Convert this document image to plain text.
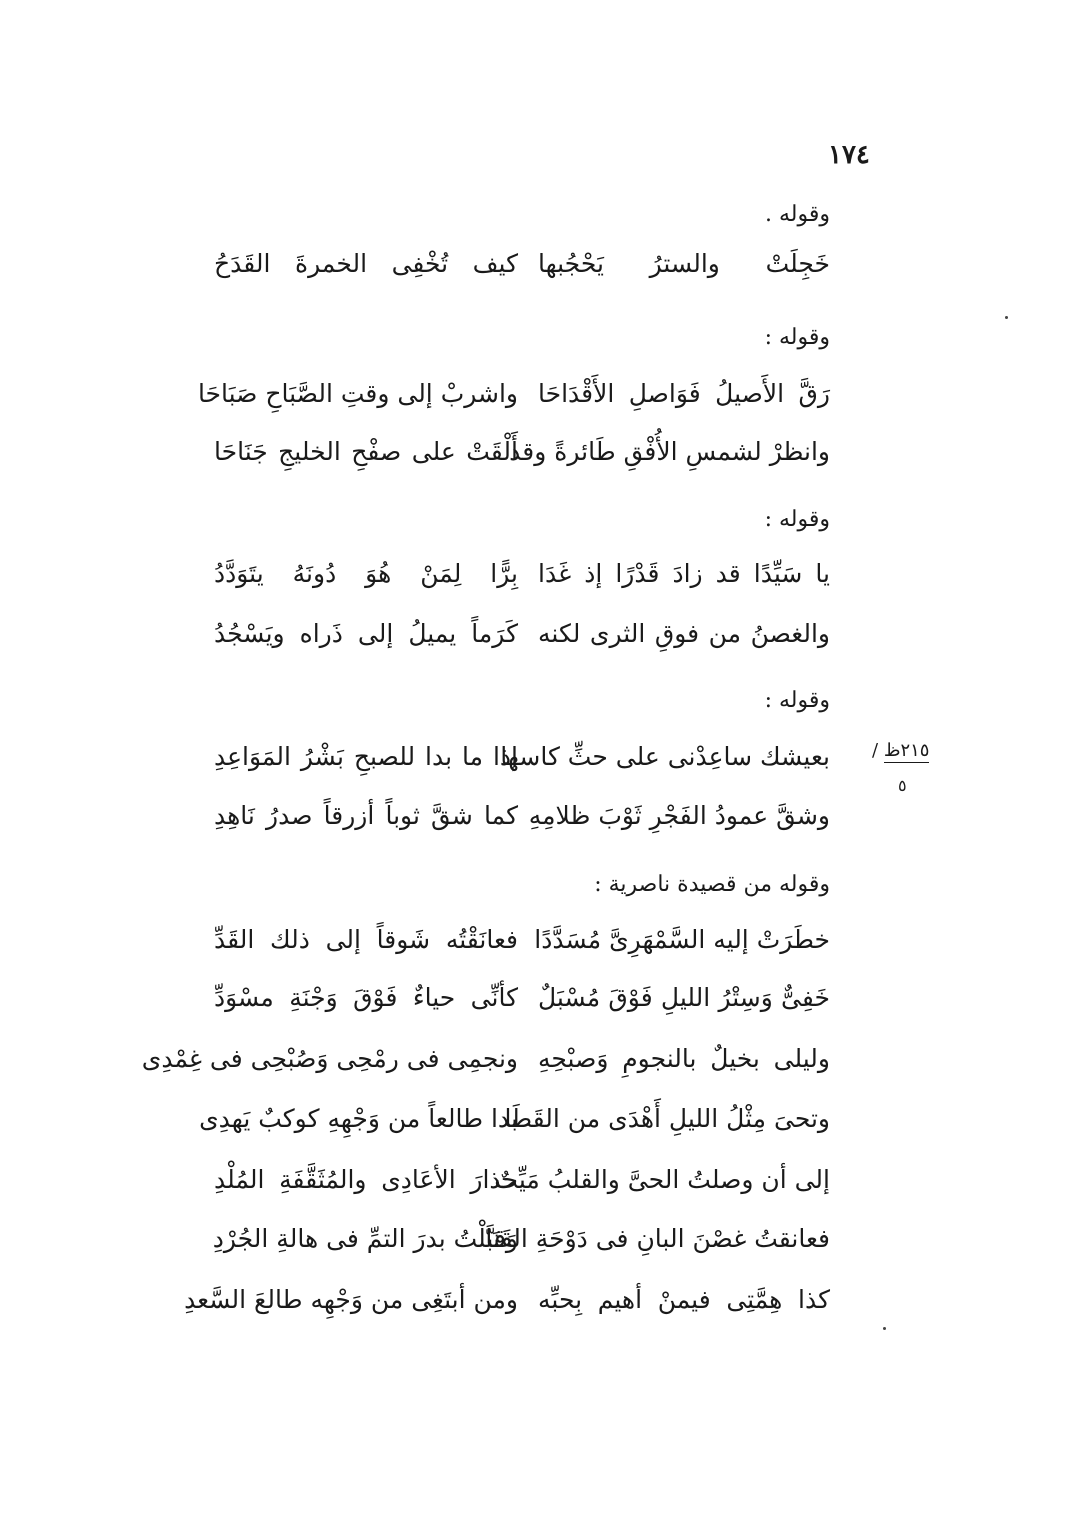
١٧٤
وقوله .
خَجِلَتْ والسترُ يَحْجُبها
كيف تُخْفِى الخمرةَ القَدَحُ
وقوله :
رَقَّ الأَصيلُ فَوَاصلِ الأَقْدَاحَا
واشربْ إلى وقتِ الصَّبَاحِ صَبَاحَا
وانظرْ لشمسِ الأُفْقِ طَائرةً وقد
أَلْقَتْ على صفْحِ الخليجِ جَنَاحَا
وقوله :
يا سَيِّدًا قد زادَ قَدْرًا إذ غَدَا
بِرًّا لِمَنْ هُوَ دُونَهُ يتَوَدَّدُ
والغصنُ من فوقِ الثرى لكنه
كَرَماً يميلُ إلى ذَراه ويَسْجُدُ
وقوله :
٢١٥ظ /
٥
بعيشك ساعِدْنى على حثِّ كاسها
إذا ما بدا للصبحِ بَشْرُ المَوَاعِدِ
وشقَّ عمودُ الفَجْرِ ثَوْبَ ظلامِهِ
كما شقَّ ثوباً أزرقاً صدرُ نَاهِدِ
وقوله من قصيدة ناصرية :
خطَرَتْ إليه السَّمْهَرِىَّ مُسَدَّدًا
فعانَقْتُه شَوقاً إلى ذلك القَدِّ
خَفِىٌّ وَسِتْرُ الليلِ فَوْقَ مُسْبَلٌ
كأنِّى حياءٌ فَوْقَ وَجْنَةِ مسْوَدِّ
وليلى بخيلٌ بالنجومِ وَصبْحِهِ
ونجمِى فى رمْحِى وَصُبْحِى فى غِمْدِى
وتحىَ مِثْلُ الليلِ أَهْدَى من القَطَا
بدا طالعاً من وَجْهِهِ كوكبٌ يَهدِى
إلى أن وصلتُ الحىَّ والقلبُ مَيِّتٌ
حذارَ الأعَادِى والمُثَقَّفَةِ المُلْدِ
فعانقتُ غصْنَ البانِ فى دَوْحَةِ القَنَا
وَقبَّلْتُ بدرَ التمِّ فى هالةِ الجُرْدِ
كذا هِمَّتِى فيمنْ أهيم بِحبِّه
ومن أبتَغِى من وَجْهِه طالعَ السَّعدِ
